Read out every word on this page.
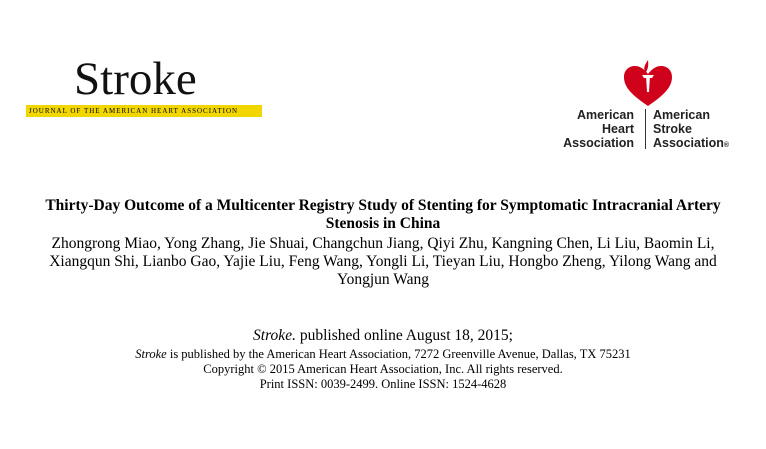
Stroke
JOURNAL OF THE AMERICAN HEART ASSOCIATION	American
Heart
Association
American
Stroke
Association®
Thirty-Day Outcome of a Multicenter Registry Study of Stenting for Symptomatic Intracranial Artery Stenosis in China
Zhongrong Miao, Yong Zhang, Jie Shuai, Changchun Jiang, Qiyi Zhu, Kangning Chen, Li Liu, Baomin Li, Xiangqun Shi, Lianbo Gao, Yajie Liu, Feng Wang, Yongli Li, Tieyan Liu, Hongbo Zheng, Yilong Wang and Yongjun Wang
Stroke. published online August 18, 2015;
Stroke is published by the American Heart Association, 7272 Greenville Avenue, Dallas, TX 75231
Copyright © 2015 American Heart Association, Inc. All rights reserved.
Print ISSN: 0039-2499. Online ISSN: 1524-4628
